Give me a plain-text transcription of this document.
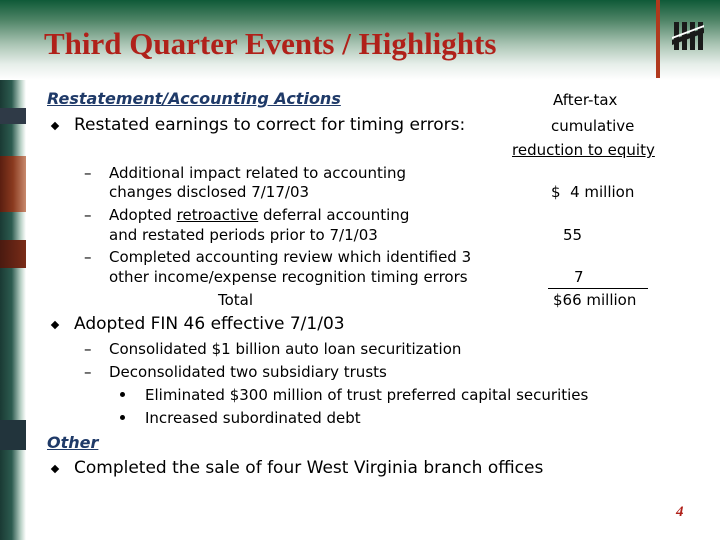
Third Quarter Events / Highlights
Restatement/Accounting Actions	After-tax
Restated earnings to correct for timing errors:	cumulative
reduction to equity
– Additional impact related to accounting
changes disclosed 7/17/03	$  4 million
– Adopted retroactive deferral accounting
and restated periods prior to 7/1/03	55
– Completed accounting review which identified 3
other income/expense recognition timing errors	7
Total	$66 million
Adopted FIN 46 effective 7/1/03
– Consolidated $1 billion auto loan securitization
– Deconsolidated two subsidiary trusts
Eliminated $300 million of trust preferred capital securities
Increased subordinated debt
Other
Completed the sale of four West Virginia branch offices
4
